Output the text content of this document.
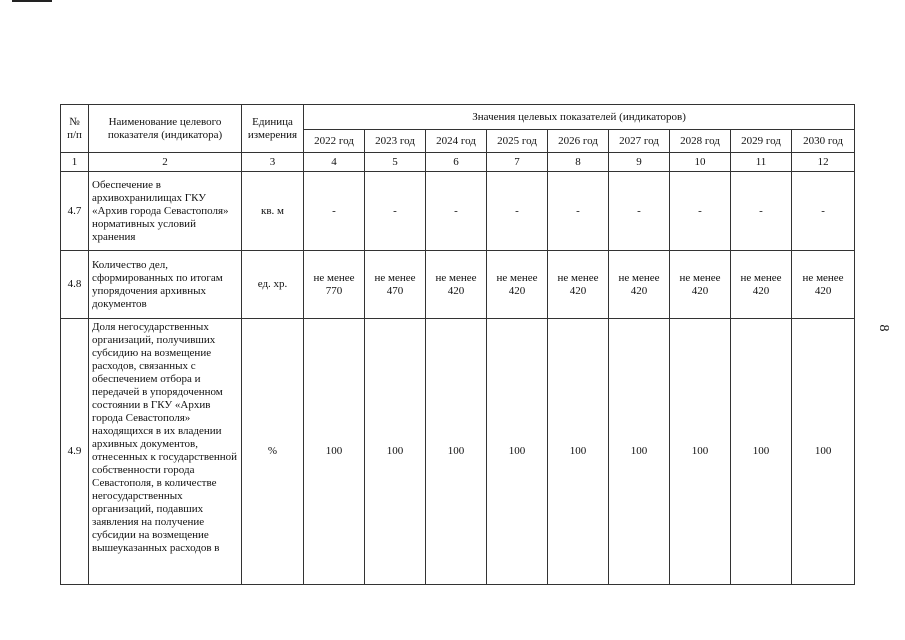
№ п/п	Наименование целевого показателя (индикатора)	Единица измерения	Значения целевых показателей (индикаторов)								
			2022 год	2023 год	2024 год	2025 год	2026 год	2027 год	2028 год	2029 год	2030 год
1	2	3	4	5	6	7	8	9	10	11	12
4.7	Обеспечение в архивохранилищах ГКУ «Архив города Севастополя» нормативных условий хранения	кв. м	-	-	-	-	-	-	-	-	-
4.8	Количество дел, сформированных по итогам упорядочения архивных документов	ед. хр.	не менее 770	не менее 470	не менее 420	не менее 420	не менее 420	не менее 420	не менее 420	не менее 420	не менее 420
4.9	Доля негосударственных организаций, получивших субсидию на возмещение расходов, связанных с обеспечением отбора и передачей в упорядоченном состоянии в ГКУ «Архив города Севастополя» находящихся в их владении архивных документов, отнесенных к государственной собственности города Севастополя, в количестве негосударственных организаций, подавших заявления на получение субсидии на возмещение вышеуказанных расходов в	%	100	100	100	100	100	100	100	100	100
8
